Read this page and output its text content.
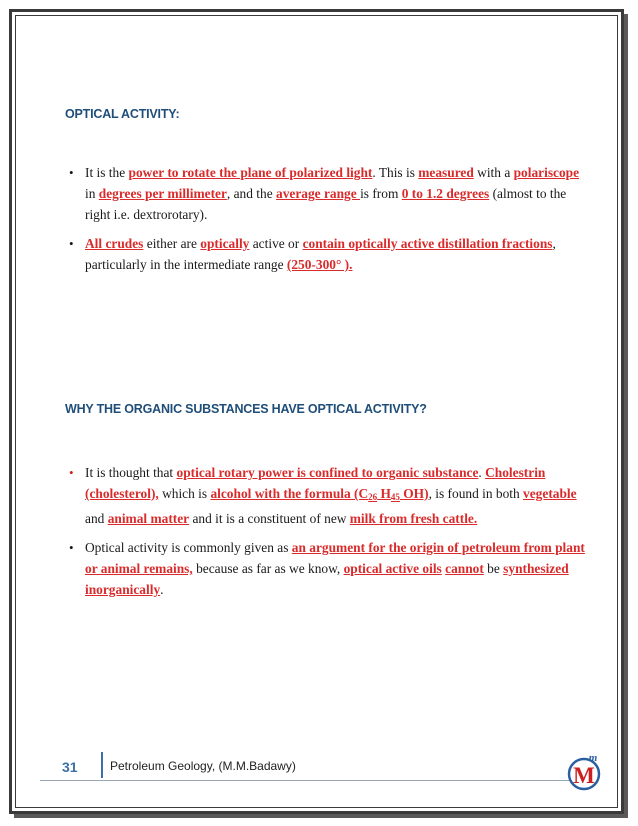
OPTICAL ACTIVITY:
• It is the power to rotate the plane of polarized light. This is measured with a polariscope in degrees per millimeter, and the average range is from 0 to 1.2 degrees (almost to the right i.e. dextrorotary).
• All crudes either are optically active or contain optically active distillation fractions, particularly in the intermediate range (250-300° ).
WHY THE ORGANIC SUBSTANCES HAVE OPTICAL ACTIVITY?
• It is thought that optical rotary power is confined to organic substance. Cholestrin (cholesterol), which is alcohol with the formula ($C_{26}$ $H_{45}$ OH), is found in both vegetable and animal matter and it is a constituent of new milk from fresh cattle.
• Optical activity is commonly given as an argument for the origin of petroleum from plant or animal remains, because as far as we know, optical active oils cannot be synthesized inorganically.
31	Petroleum Geology, (M.M.Badawy)	M
m
